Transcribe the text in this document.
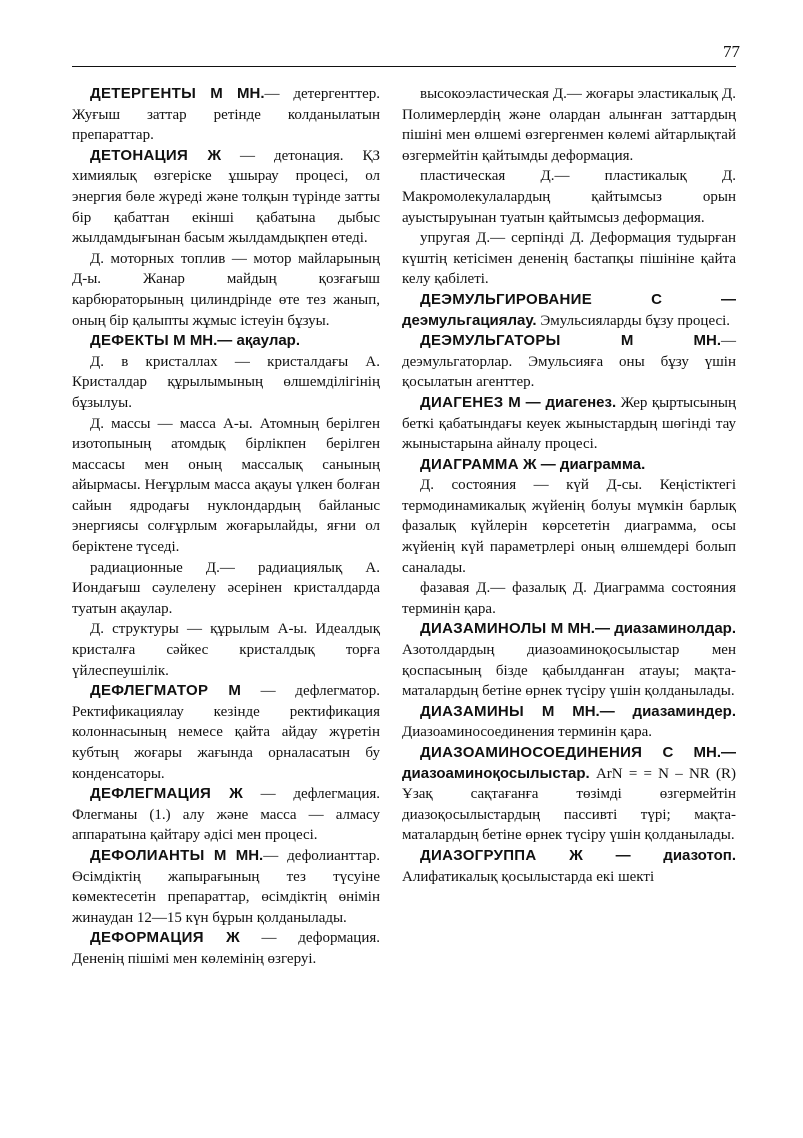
77

ДЕТЕРГЕНТЫ М МН.— детергенттер. Жуғыш заттар ретінде колданылатын препараттар.

ДЕТОНАЦИЯ Ж — детонация. ҚЗ химиялық өзгеріске ұшырау процесі, ол энергия бөле жүреді және толқын түрінде затты бір қабаттан екінші қабатына дыбыс жылдамдығынан басым жылдамдықпен өтеді.

Д. моторных топлив — мотор майларының Д-ы. Жанар майдың қозғағыш карбюраторының цилиндрінде өте тез жанып, оның бір қалыпты жұмыс істеуін бұзуы.

ДЕФЕКТЫ М МН.— ақаулар.

Д. в кристаллах — кристалдағы А. Кристалдар құрылымының өлшемділігінің бұзылуы.

Д. массы — масса А-ы. Атомның берілген изотопының атомдық бірлікпен берілген массасы мен оның массалық санының айырмасы. Неғұрлым масса ақауы үлкен болған сайын ядродағы нуклондардың байланыс энергиясы солғұрлым жоғарылайды, яғни ол беріктене түседі.

радиационные Д.— радиациялық А. Иондағыш сәулелену әсерінен кристалдарда туатын ақаулар.

Д. структуры — құрылым А-ы. Идеалдық кристалға сәйкес кристалдық торға үйлеспеушілік.

ДЕФЛЕГМАТОР М — дефлегматор. Ректификациялау кезінде ректификация колоннасының немесе қайта айдау жүретін кубтың жоғары жағында орналасатын бу конденсаторы.

ДЕФЛЕГМАЦИЯ Ж — дефлегмация. Флегманы (1.) алу және масса — алмасу аппаратына қайтару әдісі мен процесі.

ДЕФОЛИАНТЫ М МН.— дефолианттар. Өсімдіктің жапырағының тез түсуіне көмектесетін препараттар, өсімдіктің өнімін жинаудан 12—15 күн бұрын қолданылады.

ДЕФОРМАЦИЯ Ж — деформация. Дененің пішімі мен көлемінің өзгеруі.

высокоэластическая Д.— жоғары эластикалық Д. Полимерлердің және олардан алынған заттардың пішіні мен өлшемі өзгергенмен көлемі айтарлықтай өзгермейтін қайтымды деформация.

пластическая Д.— пластикалық Д. Макромолекулалардың қайтымсыз орын ауыстыруынан туатын қайтымсыз деформация.

упругая Д.— серпінді Д. Деформация тудырған күштің кетісімен дененің бастапқы пішініне қайта келу қабілеті.

ДЕЭМУЛЬГИРОВАНИЕ С — деэмульгациялау. Эмульсияларды бұзу процесі.

ДЕЭМУЛЬГАТОРЫ М МН.— деэмульгаторлар. Эмульсияға оны бұзу үшін қосылатын агенттер.

ДИАГЕНЕЗ М — диагенез. Жер қыртысының беткі қабатындағы кеуек жыныстардың шөгінді тау жыныстарына айналу процесі.

ДИАГРАММА Ж — диаграмма.

Д. состояния — күй Д-сы. Кеңістіктегі термодинамикалық жүйенің болуы мүмкін барлық фазалық күйлерін көрсететін диаграмма, осы жүйенің күй параметрлері оның өлшемдері болып саналады.

фазавая Д.— фазалық Д. Диаграмма состояния терминін қара.

ДИАЗАМИНОЛЫ М МН.— диазаминолдар. Азотолдардың диазоаминоқосылыстар мен қоспасының бізде қабылданған атауы; мақта-маталардың бетіне өрнек түсіру үшін қолданылады.

ДИАЗАМИНЫ М МН.— диазаминдер. Диазоаминосоединения терминін қара.

ДИАЗОАМИНОСОЕДИНЕНИЯ С МН.— диазоаминоқосылыстар. ArN = = N – NR (R) Ұзақ сақтағанға төзімді өзгермейтін диазоқосылыстардың пассивті түрі; мақта-маталардың бетіне өрнек түсіру үшін қолданылады.

ДИАЗОГРУППА Ж — диазотоп. Алифатикалық қосылыстарда екі шекті
